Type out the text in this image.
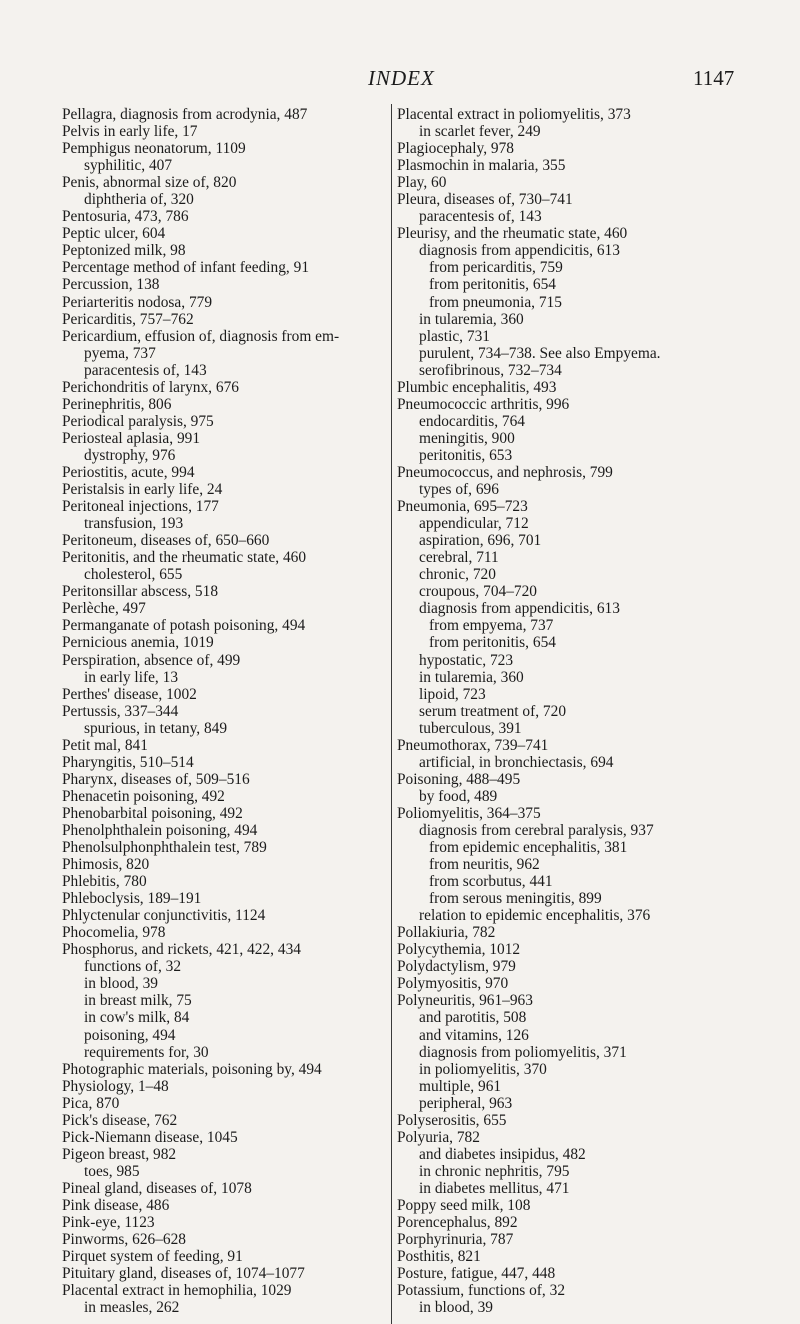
INDEX	1147
Pellagra, diagnosis from acrodynia, 487
Pelvis in early life, 17
Pemphigus neonatorum, 1109
syphilitic, 407
Penis, abnormal size of, 820
diphtheria of, 320
Pentosuria, 473, 786
Peptic ulcer, 604
Peptonized milk, 98
Percentage method of infant feeding, 91
Percussion, 138
Periarteritis nodosa, 779
Pericarditis, 757–762
Pericardium, effusion of, diagnosis from em-
pyema, 737
paracentesis of, 143
Perichondritis of larynx, 676
Perinephritis, 806
Periodical paralysis, 975
Periosteal aplasia, 991
dystrophy, 976
Periostitis, acute, 994
Peristalsis in early life, 24
Peritoneal injections, 177
transfusion, 193
Peritoneum, diseases of, 650–660
Peritonitis, and the rheumatic state, 460
cholesterol, 655
Peritonsillar abscess, 518
Perlèche, 497
Permanganate of potash poisoning, 494
Pernicious anemia, 1019
Perspiration, absence of, 499
in early life, 13
Perthes' disease, 1002
Pertussis, 337–344
spurious, in tetany, 849
Petit mal, 841
Pharyngitis, 510–514
Pharynx, diseases of, 509–516
Phenacetin poisoning, 492
Phenobarbital poisoning, 492
Phenolphthalein poisoning, 494
Phenolsulphonphthalein test, 789
Phimosis, 820
Phlebitis, 780
Phleboclysis, 189–191
Phlyctenular conjunctivitis, 1124
Phocomelia, 978
Phosphorus, and rickets, 421, 422, 434
functions of, 32
in blood, 39
in breast milk, 75
in cow's milk, 84
poisoning, 494
requirements for, 30
Photographic materials, poisoning by, 494
Physiology, 1–48
Pica, 870
Pick's disease, 762
Pick-Niemann disease, 1045
Pigeon breast, 982
toes, 985
Pineal gland, diseases of, 1078
Pink disease, 486
Pink-eye, 1123
Pinworms, 626–628
Pirquet system of feeding, 91
Pituitary gland, diseases of, 1074–1077
Placental extract in hemophilia, 1029
in measles, 262
Placental extract in poliomyelitis, 373
in scarlet fever, 249
Plagiocephaly, 978
Plasmochin in malaria, 355
Play, 60
Pleura, diseases of, 730–741
paracentesis of, 143
Pleurisy, and the rheumatic state, 460
diagnosis from appendicitis, 613
from pericarditis, 759
from peritonitis, 654
from pneumonia, 715
in tularemia, 360
plastic, 731
purulent, 734–738. See also Empyema.
serofibrinous, 732–734
Plumbic encephalitis, 493
Pneumococcic arthritis, 996
endocarditis, 764
meningitis, 900
peritonitis, 653
Pneumococcus, and nephrosis, 799
types of, 696
Pneumonia, 695–723
appendicular, 712
aspiration, 696, 701
cerebral, 711
chronic, 720
croupous, 704–720
diagnosis from appendicitis, 613
from empyema, 737
from peritonitis, 654
hypostatic, 723
in tularemia, 360
lipoid, 723
serum treatment of, 720
tuberculous, 391
Pneumothorax, 739–741
artificial, in bronchiectasis, 694
Poisoning, 488–495
by food, 489
Poliomyelitis, 364–375
diagnosis from cerebral paralysis, 937
from epidemic encephalitis, 381
from neuritis, 962
from scorbutus, 441
from serous meningitis, 899
relation to epidemic encephalitis, 376
Pollakiuria, 782
Polycythemia, 1012
Polydactylism, 979
Polymyositis, 970
Polyneuritis, 961–963
and parotitis, 508
and vitamins, 126
diagnosis from poliomyelitis, 371
in poliomyelitis, 370
multiple, 961
peripheral, 963
Polyserositis, 655
Polyuria, 782
and diabetes insipidus, 482
in chronic nephritis, 795
in diabetes mellitus, 471
Poppy seed milk, 108
Porencephalus, 892
Porphyrinuria, 787
Posthitis, 821
Posture, fatigue, 447, 448
Potassium, functions of, 32
in blood, 39
